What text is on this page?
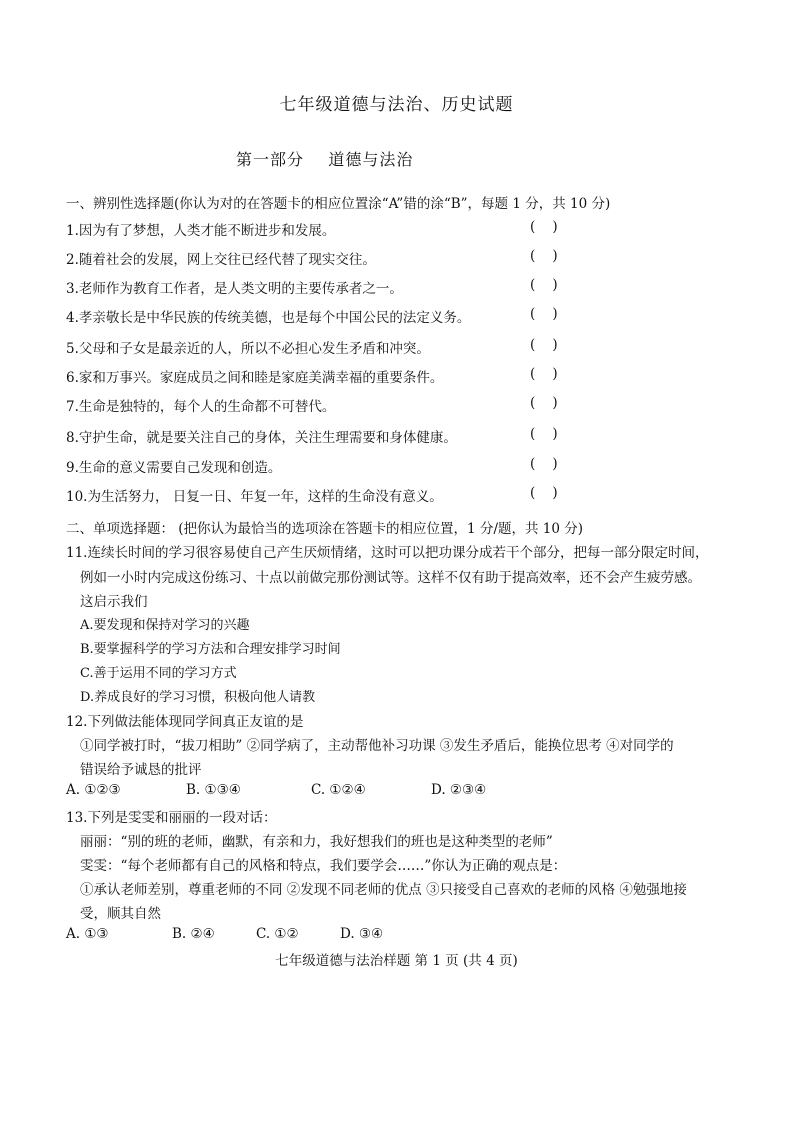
七年级道德与法治、历史试题
第一部分    道德与法治
一、辨别性选择题(你认为对的在答题卡的相应位置涂“A”错的涂“B”，每题 1 分，共 10 分)
1.因为有了梦想，人类才能不断进步和发展。	(    )
2.随着社会的发展，网上交往已经代替了现实交往。	(    )
3.老师作为教育工作者，是人类文明的主要传承者之一。	(    )
4.孝亲敬长是中华民族的传统美德，也是每个中国公民的法定义务。	(    )
5.父母和子女是最亲近的人，所以不必担心发生矛盾和冲突。	(    )
6.家和万事兴。家庭成员之间和睦是家庭美满幸福的重要条件。	(    )
7.生命是独特的，每个人的生命都不可替代。	(    )
8.守护生命，就是要关注自己的身体，关注生理需要和身体健康。	(    )
9.生命的意义需要自己发现和创造。	(    )
10.为生活努力， 日复一日、年复一年，这样的生命没有意义。	(    )
二、单项选择题： (把你认为最恰当的选项涂在答题卡的相应位置，1 分/题，共 10 分)
11.连续长时间的学习很容易使自己产生厌烦情绪，这时可以把功课分成若干个部分，把每一部分限定时间，
例如一小时内完成这份练习、十点以前做完那份测试等。这样不仅有助于提高效率，还不会产生疲劳感。
这启示我们
A.要发现和保持对学习的兴趣
B.要掌握科学的学习方法和合理安排学习时间
C.善于运用不同的学习方式
D.养成良好的学习习惯，积极向他人请教
12.下列做法能体现同学间真正友谊的是
①同学被打时，“拔刀相助” ②同学病了，主动帮他补习功课 ③发生矛盾后，能换位思考 ④对同学的
错误给予诚恳的批评
A. ①②③	B. ①③④	C. ①②④	D. ②③④
13.下列是雯雯和丽丽的一段对话：
丽丽：“别的班的老师，幽默，有亲和力，我好想我们的班也是这种类型的老师”
雯雯：“每个老师都有自己的风格和特点，我们要学会……”你认为正确的观点是：
①承认老师差别，尊重老师的不同 ②发现不同老师的优点 ③只接受自己喜欢的老师的风格 ④勉强地接
受，顺其自然
A. ①③	B. ②④	C. ①②	D. ③④
七年级道德与法治样题 第 1 页 (共 4 页)
